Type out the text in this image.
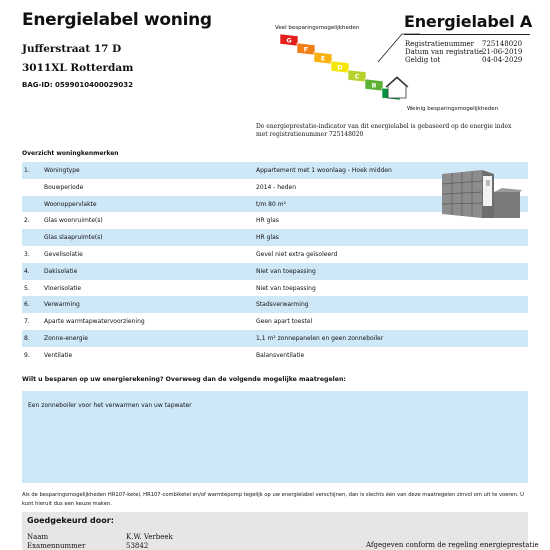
Energielabel woning
Jufferstraat 17 D
3011XL Rotterdam
BAG-ID: 0599010400029032
Veel besparingsmogelijkheden
G
F
E
D
C
B
Weinig besparingsmogelijkheden
Energielabel A
Registratienummer 725148020
Datum van registratie
21-06-2019
Geldig tot	04-04-2029
De energieprestatie-indicator van dit energielabel is gebaseerd op de energie index met registratienummer 725148020
Overzicht woningkenmerken
1. Woningtype	Appartement met 1 woonlaag - Hoek midden
Bouwperiode	2014 - heden
Woonoppervlakte	t/m 80 m²
2. Glas woonruimte(s)	HR glas
Glas slaapruimte(s)	HR glas
3. Gevelisolatie	Gevel niet extra geïsoleerd
4. Dakisolatie	Niet van toepassing
5. Vloerisolatie	Niet van toepassing
6. Verwarming	Stadsverwarming
7. Aparte warmtapwatervoorziening	Geen apart toestel
8. Zonne-energie	1,1 m² zonnepanelen en geen zonneboiler
9. Ventilatie	Balansventilatie
Wilt u besparen op uw energierekening? Overweeg dan de volgende mogelijke maatregelen:
Een zonneboiler voor het verwarmen van uw tapwater
Als de besparingsmogelijkheden HR107-ketel, HR107-combiketel en/of warmtepomp tegelijk op uw energielabel verschijnen, dan is slechts één van deze maatregelen zinvol om uit te voeren. U kunt hieruit dus een keuze maken.
Goedgekeurd door:
Naam	K.W. Verbeek
Examennummer	53842	Afgegeven conform de regeling energieprestatie
